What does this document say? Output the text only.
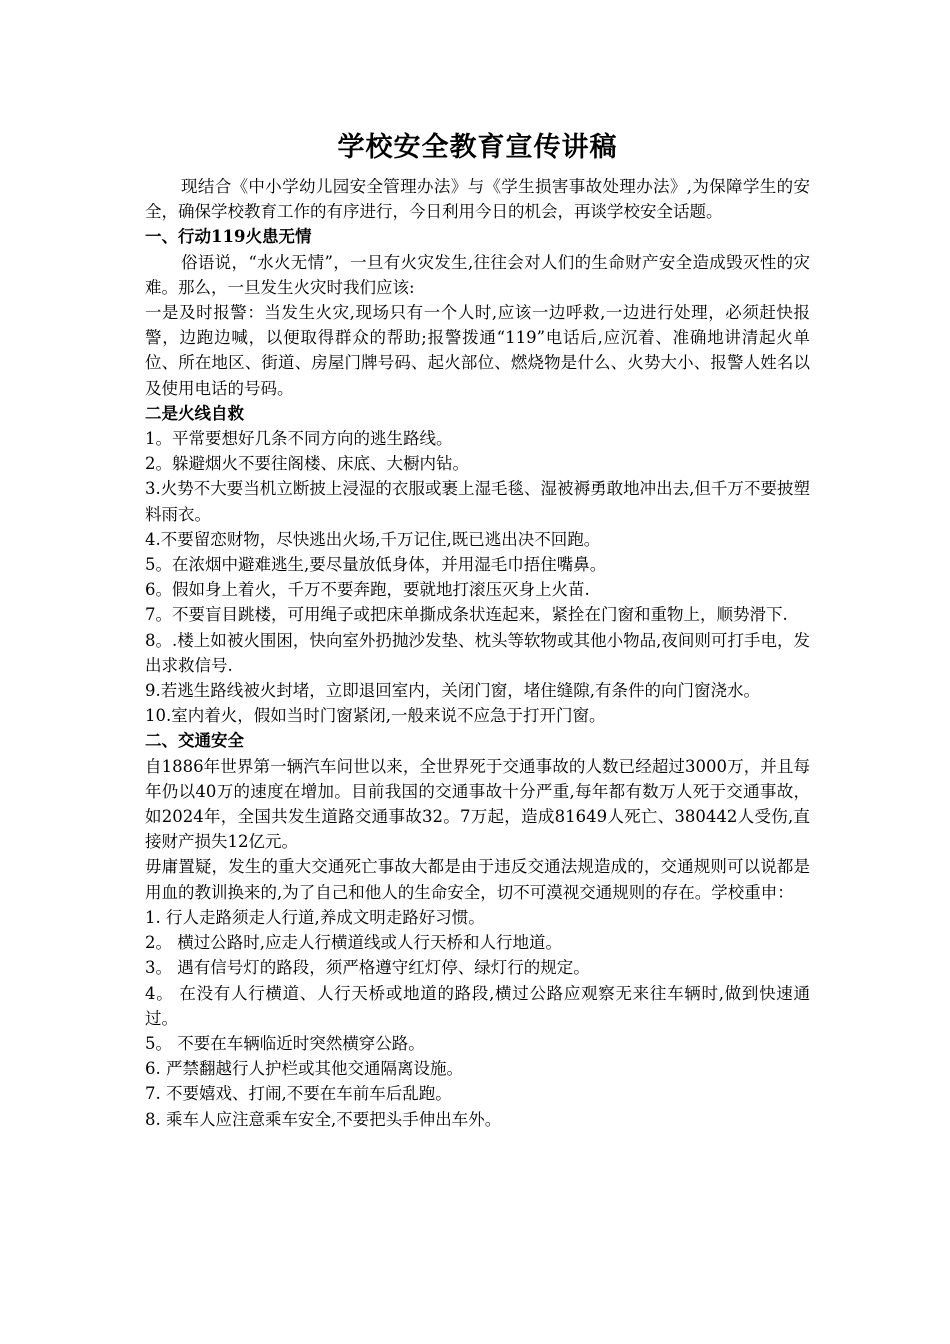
学校安全教育宣传讲稿

现结合《中小学幼儿园安全管理办法》与《学生损害事故处理办法》,为保障学生的安全，确保学校教育工作的有序进行，今日利用今日的机会，再谈学校安全话题。

一、行动119火患无情

俗语说，“水火无情”，一旦有火灾发生,往往会对人们的生命财产安全造成毁灭性的灾难。那么，一旦发生火灾时我们应该:

一是及时报警：当发生火灾,现场只有一个人时,应该一边呼救,一边进行处理，必须赶快报警，边跑边喊，以便取得群众的帮助;报警拨通“119”电话后,应沉着、准确地讲清起火单位、所在地区、街道、房屋门牌号码、起火部位、燃烧物是什么、火势大小、报警人姓名以及使用电话的号码。

二是火线自救

1。平常要想好几条不同方向的逃生路线。

2。躲避烟火不要往阁楼、床底、大橱内钻。

3.火势不大要当机立断披上浸湿的衣服或裹上湿毛毯、湿被褥勇敢地冲出去,但千万不要披塑料雨衣。

4.不要留恋财物，尽快逃出火场,千万记住,既已逃出决不回跑。

5。在浓烟中避难逃生,要尽量放低身体，并用湿毛巾捂住嘴鼻。

6。假如身上着火，千万不要奔跑，要就地打滚压灭身上火苗.

7。不要盲目跳楼，可用绳子或把床单撕成条状连起来，紧拴在门窗和重物上，顺势滑下.

8。.楼上如被火围困，快向室外扔抛沙发垫、枕头等软物或其他小物品,夜间则可打手电，发出求救信号.

9.若逃生路线被火封堵，立即退回室内，关闭门窗，堵住缝隙,有条件的向门窗浇水。

10.室内着火，假如当时门窗紧闭,一般来说不应急于打开门窗。

二、交通安全

自1886年世界第一辆汽车问世以来，全世界死于交通事故的人数已经超过3000万，并且每年仍以40万的速度在增加。目前我国的交通事故十分严重,每年都有数万人死于交通事故，如2024年，全国共发生道路交通事故32。7万起，造成81649人死亡、380442人受伤,直接财产损失12亿元。

毋庸置疑，发生的重大交通死亡事故大都是由于违反交通法规造成的，交通规则可以说都是用血的教训换来的,为了自己和他人的生命安全，切不可漠视交通规则的存在。学校重申：

1. 行人走路须走人行道,养成文明走路好习惯。

2。 横过公路时,应走人行横道线或人行天桥和人行地道。

3。 遇有信号灯的路段，须严格遵守红灯停、绿灯行的规定。

4。 在没有人行横道、人行天桥或地道的路段,横过公路应观察无来往车辆时,做到快速通过。

5。 不要在车辆临近时突然横穿公路。

6. 严禁翻越行人护栏或其他交通隔离设施。

7. 不要嬉戏、打闹,不要在车前车后乱跑。

8. 乘车人应注意乘车安全,不要把头手伸出车外。
